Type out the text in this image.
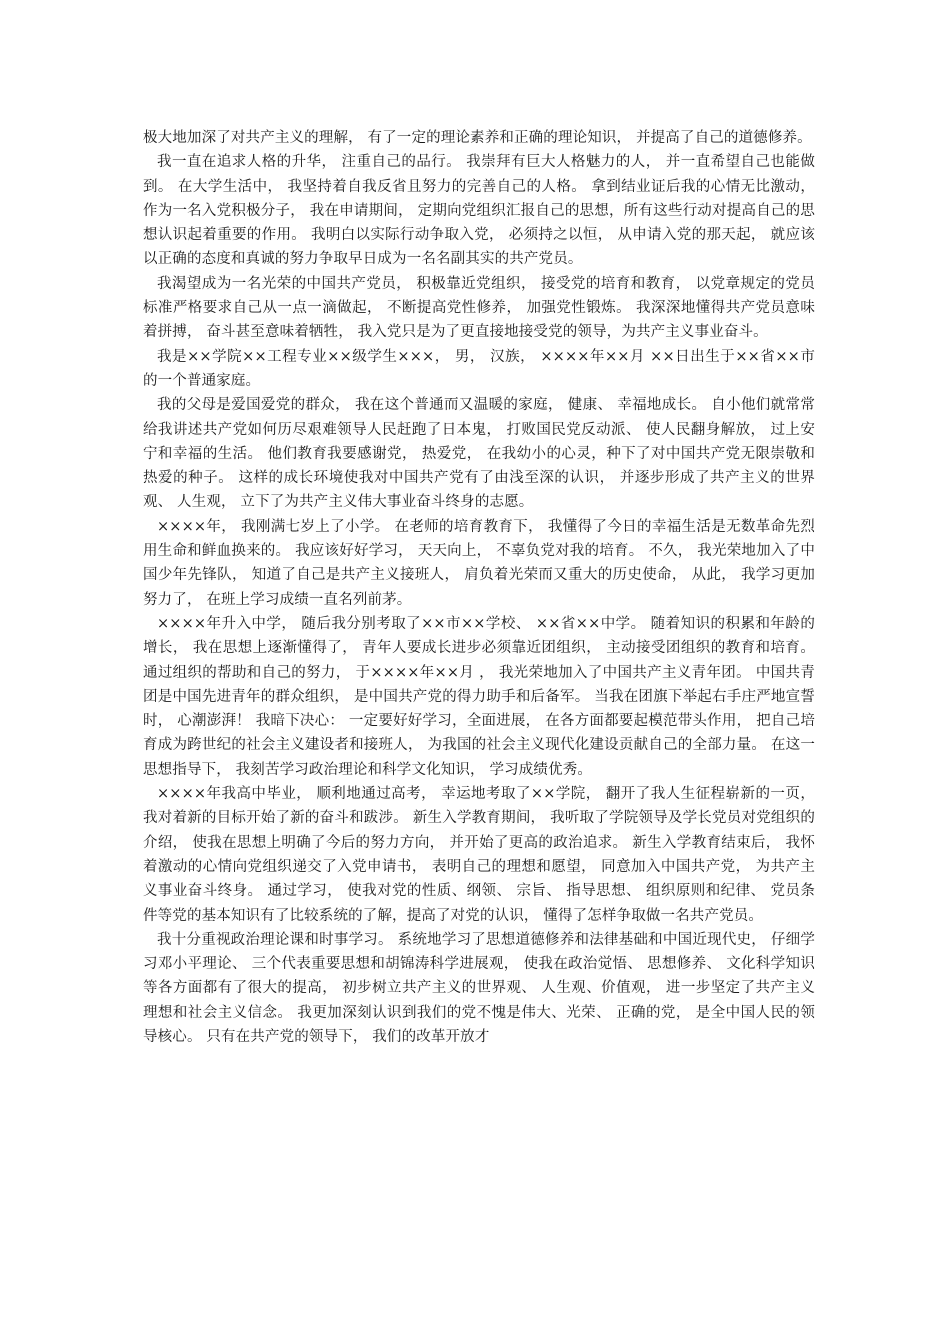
极大地加深了对共产主义的理解， 有了一定的理论素养和正确的理论知识， 并提高了自己的道德修养。

我一直在追求人格的升华， 注重自己的品行。 我崇拜有巨大人格魅力的人， 并一直希望自己也能做到。 在大学生活中， 我坚持着自我反省且努力的完善自己的人格。 拿到结业证后我的心情无比激动， 作为一名入党积极分子， 我在申请期间， 定期向党组织汇报自己的思想，所有这些行动对提高自己的思想认识起着重要的作用。 我明白以实际行动争取入党， 必须持之以恒， 从申请入党的那天起， 就应该以正确的态度和真诚的努力争取早日成为一名名副其实的共产党员。

我渴望成为一名光荣的中国共产党员， 积极靠近党组织， 接受党的培育和教育， 以党章规定的党员标准严格要求自己从一点一滴做起， 不断提高党性修养， 加强党性锻炼。 我深深地懂得共产党员意味着拼搏， 奋斗甚至意味着牺牲， 我入党只是为了更直接地接受党的领导，为共产主义事业奋斗。

我是××学院××工程专业××级学生×××， 男， 汉族， ××××年××月 ××日出生于××省××市的一个普通家庭。

我的父母是爱国爱党的群众， 我在这个普通而又温暖的家庭， 健康、 幸福地成长。 自小他们就常常给我讲述共产党如何历尽艰难领导人民赶跑了日本鬼， 打败国民党反动派、 使人民翻身解放， 过上安宁和幸福的生活。 他们教育我要感谢党， 热爱党， 在我幼小的心灵，种下了对中国共产党无限崇敬和热爱的种子。 这样的成长环境使我对中国共产党有了由浅至深的认识， 并逐步形成了共产主义的世界观、 人生观， 立下了为共产主义伟大事业奋斗终身的志愿。

××××年， 我刚满七岁上了小学。 在老师的培育教育下， 我懂得了今日的幸福生活是无数革命先烈用生命和鲜血换来的。 我应该好好学习， 天天向上， 不辜负党对我的培育。 不久， 我光荣地加入了中国少年先锋队， 知道了自己是共产主义接班人， 肩负着光荣而又重大的历史使命， 从此， 我学习更加努力了， 在班上学习成绩一直名列前茅。

××××年升入中学， 随后我分别考取了××市××学校、 ××省××中学。 随着知识的积累和年龄的增长， 我在思想上逐渐懂得了， 青年人要成长进步必须靠近团组织， 主动接受团组织的教育和培育。 通过组织的帮助和自己的努力， 于××××年××月 ， 我光荣地加入了中国共产主义青年团。 中国共青团是中国先进青年的群众组织， 是中国共产党的得力助手和后备军。 当我在团旗下举起右手庄严地宣誓时， 心潮澎湃！ 我暗下决心： 一定要好好学习，全面进展， 在各方面都要起模范带头作用， 把自己培育成为跨世纪的社会主义建设者和接班人， 为我国的社会主义现代化建设贡献自己的全部力量。 在这一思想指导下， 我刻苦学习政治理论和科学文化知识， 学习成绩优秀。

××××年我高中毕业， 顺利地通过高考， 幸运地考取了××学院， 翻开了我人生征程崭新的一页， 我对着新的目标开始了新的奋斗和跋涉。 新生入学教育期间， 我听取了学院领导及学长党员对党组织的介绍， 使我在思想上明确了今后的努力方向， 并开始了更高的政治追求。 新生入学教育结束后， 我怀着激动的心情向党组织递交了入党申请书， 表明自己的理想和愿望， 同意加入中国共产党， 为共产主义事业奋斗终身。 通过学习， 使我对党的性质、纲领、 宗旨、 指导思想、 组织原则和纪律、 党员条件等党的基本知识有了比较系统的了解，提高了对党的认识， 懂得了怎样争取做一名共产党员。

我十分重视政治理论课和时事学习。 系统地学习了思想道德修养和法律基础和中国近现代史， 仔细学习邓小平理论、 三个代表重要思想和胡锦涛科学进展观， 使我在政治觉悟、 思想修养、 文化科学知识等各方面都有了很大的提高， 初步树立共产主义的世界观、 人生观、价值观， 进一步坚定了共产主义理想和社会主义信念。 我更加深刻认识到我们的党不愧是伟大、光荣、 正确的党， 是全中国人民的领导核心。 只有在共产党的领导下， 我们的改革开放才
